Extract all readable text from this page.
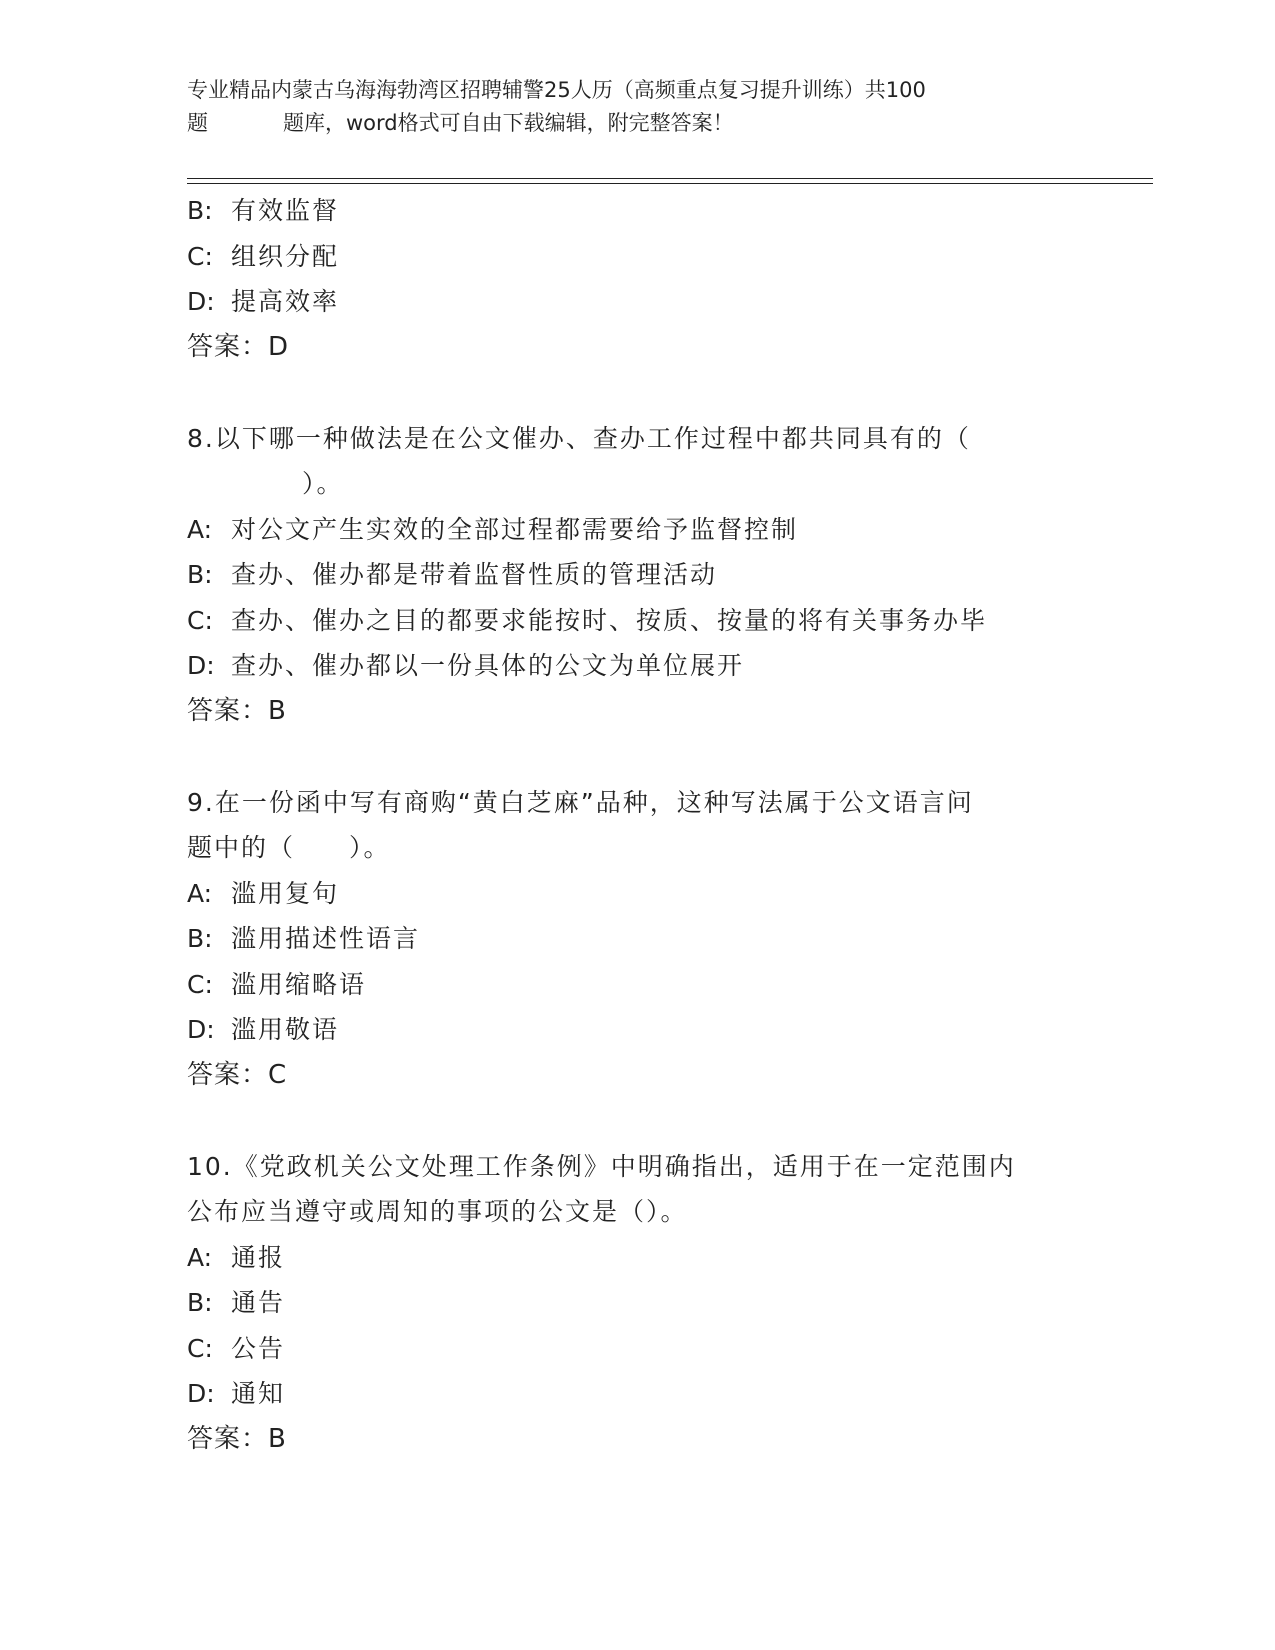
专业精品内蒙古乌海海勃湾区招聘辅警25人历（高频重点复习提升训练）共100
题	题库，word格式可自由下载编辑，附完整答案！
B: 有效监督
C: 组织分配
D: 提高效率
答案：D
8.以下哪一种做法是在公文催办、查办工作过程中都共同具有的（
）。
A: 对公文产生实效的全部过程都需要给予监督控制
B: 查办、催办都是带着监督性质的管理活动
C: 查办、催办之目的都要求能按时、按质、按量的将有关事务办毕
D: 查办、催办都以一份具体的公文为单位展开
答案：B
9.在一份函中写有商购“黄白芝麻”品种，这种写法属于公文语言问
题中的（　　）。
A: 滥用复句
B: 滥用描述性语言
C: 滥用缩略语
D: 滥用敬语
答案：C
10.《党政机关公文处理工作条例》中明确指出，适用于在一定范围内
公布应当遵守或周知的事项的公文是（）。
A: 通报
B: 通告
C: 公告
D: 通知
答案：B
